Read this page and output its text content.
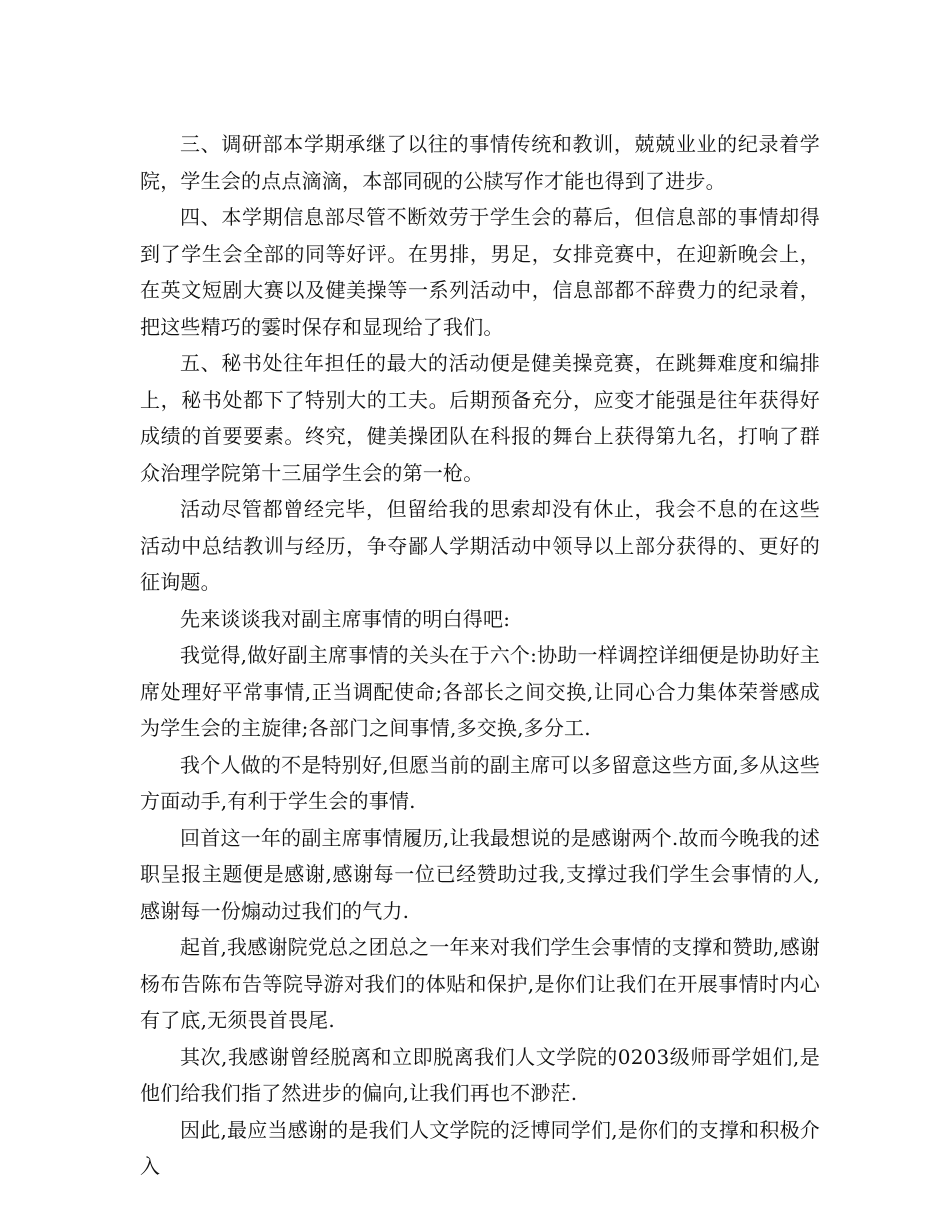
三、调研部本学期承继了以往的事情传统和教训，兢兢业业的纪录着学院，学生会的点点滴滴，本部同砚的公牍写作才能也得到了进步。

四、本学期信息部尽管不断效劳于学生会的幕后，但信息部的事情却得到了学生会全部的同等好评。在男排，男足，女排竞赛中，在迎新晚会上，在英文短剧大赛以及健美操等一系列活动中，信息部都不辞费力的纪录着，把这些精巧的霎时保存和显现给了我们。

五、秘书处往年担任的最大的活动便是健美操竞赛，在跳舞难度和编排上，秘书处都下了特别大的工夫。后期预备充分，应变才能强是往年获得好成绩的首要要素。终究，健美操团队在科报的舞台上获得第九名，打响了群众治理学院第十三届学生会的第一枪。

活动尽管都曾经完毕，但留给我的思索却没有休止，我会不息的在这些活动中总结教训与经历，争夺鄙人学期活动中领导以上部分获得的、更好的征询题。

先来谈谈我对副主席事情的明白得吧:

我觉得,做好副主席事情的关头在于六个:协助一样调控详细便是协助好主席处理好平常事情,正当调配使命;各部长之间交换,让同心合力集体荣誉感成为学生会的主旋律;各部门之间事情,多交换,多分工.

我个人做的不是特别好,但愿当前的副主席可以多留意这些方面,多从这些方面动手,有利于学生会的事情.

回首这一年的副主席事情履历,让我最想说的是感谢两个.故而今晚我的述职呈报主题便是感谢,感谢每一位已经赞助过我,支撑过我们学生会事情的人,感谢每一份煽动过我们的气力.

起首,我感谢院党总之团总之一年来对我们学生会事情的支撑和赞助,感谢杨布告陈布告等院导游对我们的体贴和保护,是你们让我们在开展事情时内心有了底,无须畏首畏尾.

其次,我感谢曾经脱离和立即脱离我们人文学院的0203级师哥学姐们,是他们给我们指了然进步的偏向,让我们再也不渺茫.

因此,最应当感谢的是我们人文学院的泛博同学们,是你们的支撑和积极介入
